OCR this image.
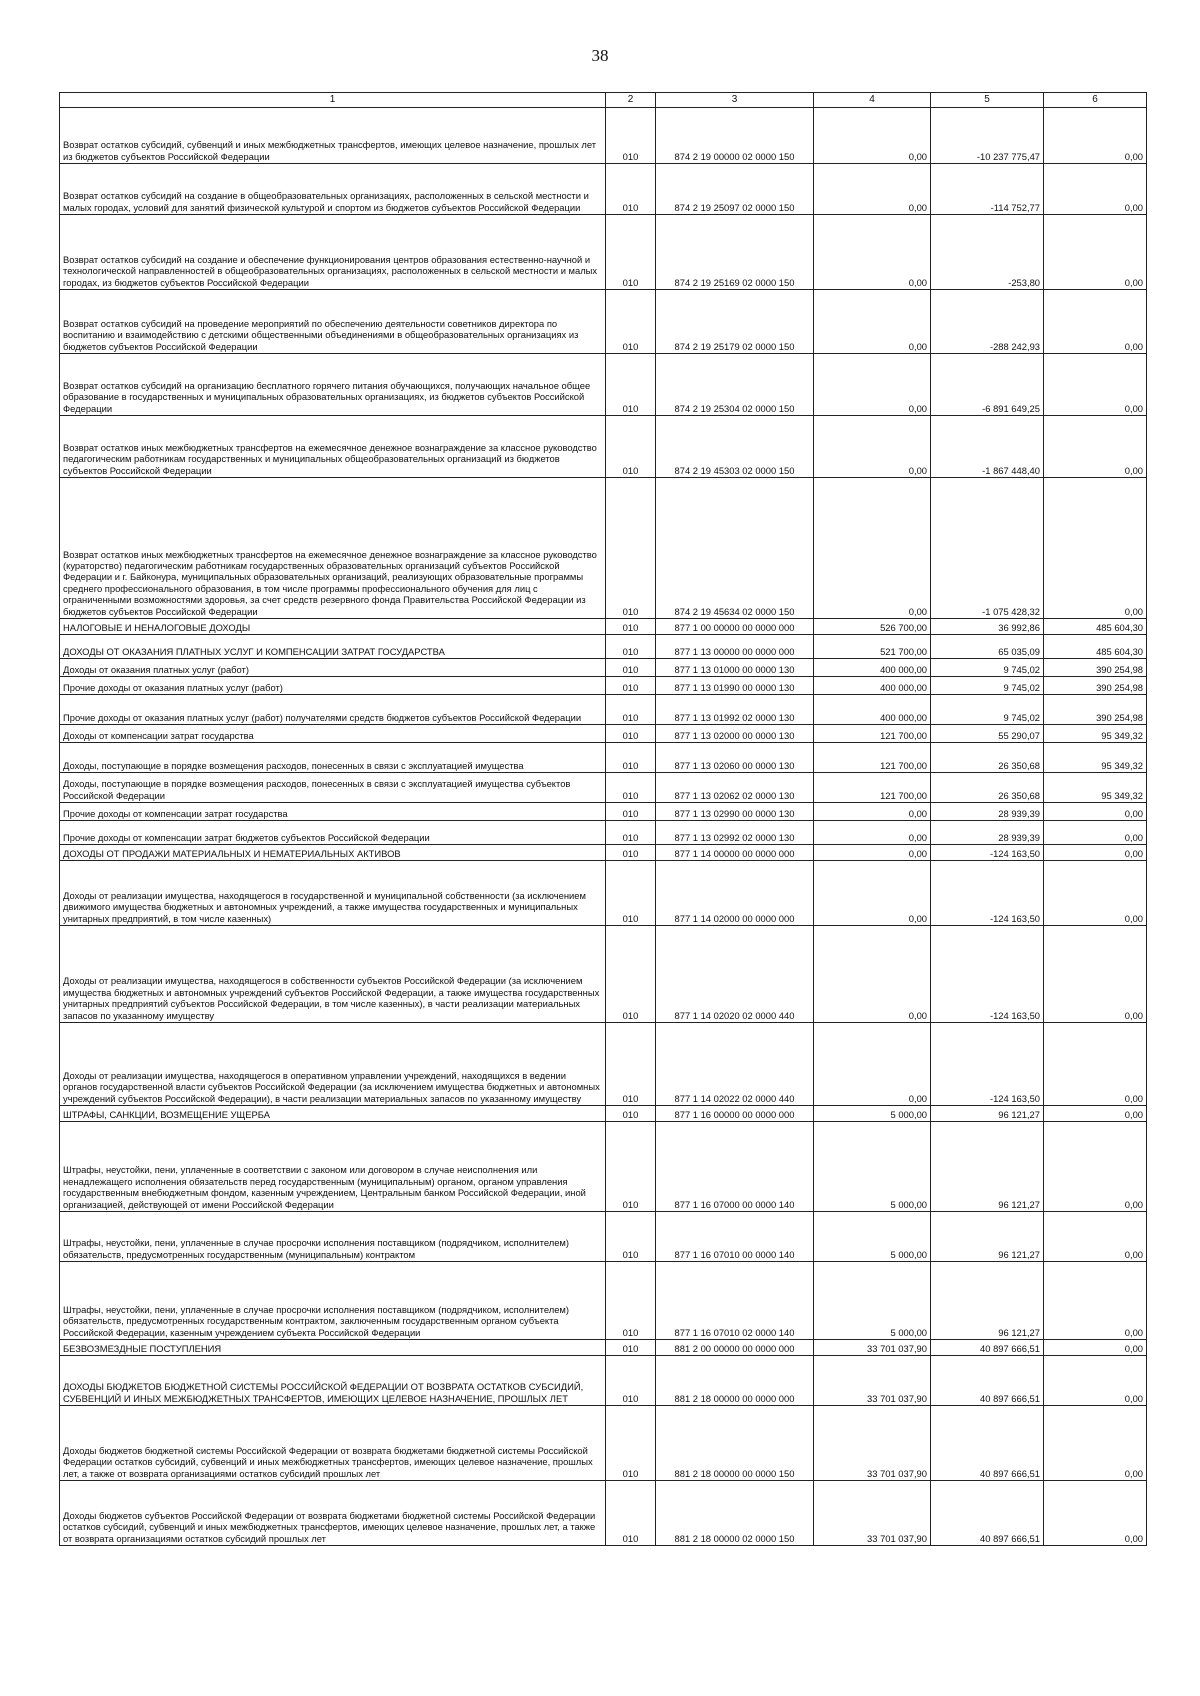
38
1	2	3	4	5	6
Возврат остатков субсидий, субвенций и иных межбюджетных трансфертов, имеющих целевое назначение, прошлых лет из бюджетов субъектов Российской Федерации	010	874 2 19 00000 02 0000 150	0,00	-10 237 775,47	0,00
Возврат остатков субсидий на создание в общеобразовательных организациях, расположенных в сельской местности и малых городах, условий для занятий физической культурой и спортом из бюджетов субъектов Российской Федерации	010	874 2 19 25097 02 0000 150	0,00	-114 752,77	0,00
Возврат остатков субсидий на создание и обеспечение функционирования центров образования естественно-научной и технологической направленностей в общеобразовательных организациях, расположенных в сельской местности и малых городах, из бюджетов субъектов Российской Федерации	010	874 2 19 25169 02 0000 150	0,00	-253,80	0,00
Возврат остатков субсидий на проведение мероприятий по обеспечению деятельности советников директора по воспитанию и взаимодействию с детскими общественными объединениями в общеобразовательных организациях из бюджетов субъектов Российской Федерации	010	874 2 19 25179 02 0000 150	0,00	-288 242,93	0,00
Возврат остатков субсидий на организацию бесплатного горячего питания обучающихся, получающих начальное общее образование в государственных и муниципальных образовательных организациях, из бюджетов субъектов Российской Федерации	010	874 2 19 25304 02 0000 150	0,00	-6 891 649,25	0,00
Возврат остатков иных межбюджетных трансфертов на ежемесячное денежное вознаграждение за классное руководство педагогическим работникам государственных и муниципальных общеобразовательных организаций из бюджетов субъектов Российской Федерации	010	874 2 19 45303 02 0000 150	0,00	-1 867 448,40	0,00
Возврат остатков иных межбюджетных трансфертов на ежемесячное денежное вознаграждение за классное руководство (кураторство) педагогическим работникам государственных образовательных организаций субъектов Российской Федерации и г. Байконура, муниципальных образовательных организаций, реализующих образовательные программы среднего профессионального образования, в том числе программы профессионального обучения для лиц с ограниченными возможностями здоровья, за счет средств резервного фонда Правительства Российской Федерации из бюджетов субъектов Российской Федерации	010	874 2 19 45634 02 0000 150	0,00	-1 075 428,32	0,00
НАЛОГОВЫЕ И НЕНАЛОГОВЫЕ ДОХОДЫ	010	877 1 00 00000 00 0000 000	526 700,00	36 992,86	485 604,30
ДОХОДЫ ОТ ОКАЗАНИЯ ПЛАТНЫХ УСЛУГ И КОМПЕНСАЦИИ ЗАТРАТ ГОСУДАРСТВА	010	877 1 13 00000 00 0000 000	521 700,00	65 035,09	485 604,30
Доходы от оказания платных услуг (работ)	010	877 1 13 01000 00 0000 130	400 000,00	9 745,02	390 254,98
Прочие доходы от оказания платных услуг (работ)	010	877 1 13 01990 00 0000 130	400 000,00	9 745,02	390 254,98
Прочие доходы от оказания платных услуг (работ) получателями средств бюджетов субъектов Российской Федерации	010	877 1 13 01992 02 0000 130	400 000,00	9 745,02	390 254,98
Доходы от компенсации затрат государства	010	877 1 13 02000 00 0000 130	121 700,00	55 290,07	95 349,32
Доходы, поступающие в порядке возмещения расходов, понесенных в связи с эксплуатацией имущества	010	877 1 13 02060 00 0000 130	121 700,00	26 350,68	95 349,32
Доходы, поступающие в порядке возмещения расходов, понесенных в связи с эксплуатацией имущества субъектов Российской Федерации	010	877 1 13 02062 02 0000 130	121 700,00	26 350,68	95 349,32
Прочие доходы от компенсации затрат государства	010	877 1 13 02990 00 0000 130	0,00	28 939,39	0,00
Прочие доходы от компенсации затрат бюджетов субъектов Российской Федерации	010	877 1 13 02992 02 0000 130	0,00	28 939,39	0,00
ДОХОДЫ ОТ ПРОДАЖИ МАТЕРИАЛЬНЫХ И НЕМАТЕРИАЛЬНЫХ АКТИВОВ	010	877 1 14 00000 00 0000 000	0,00	-124 163,50	0,00
Доходы от реализации имущества, находящегося в государственной и муниципальной собственности (за исключением движимого имущества бюджетных и автономных учреждений, а также имущества государственных и муниципальных унитарных предприятий, в том числе казенных)	010	877 1 14 02000 00 0000 000	0,00	-124 163,50	0,00
Доходы от реализации имущества, находящегося в собственности субъектов Российской Федерации (за исключением имущества бюджетных и автономных учреждений субъектов Российской Федерации, а также имущества государственных унитарных предприятий субъектов Российской Федерации, в том числе казенных), в части реализации материальных запасов по указанному имуществу	010	877 1 14 02020 02 0000 440	0,00	-124 163,50	0,00
Доходы от реализации имущества, находящегося в оперативном управлении учреждений, находящихся в ведении органов государственной власти субъектов Российской Федерации (за исключением имущества бюджетных и автономных учреждений субъектов Российской Федерации), в части реализации материальных запасов по указанному имуществу	010	877 1 14 02022 02 0000 440	0,00	-124 163,50	0,00
ШТРАФЫ, САНКЦИИ, ВОЗМЕЩЕНИЕ УЩЕРБА	010	877 1 16 00000 00 0000 000	5 000,00	96 121,27	0,00
Штрафы, неустойки, пени, уплаченные в соответствии с законом или договором в случае неисполнения или ненадлежащего исполнения обязательств перед государственным (муниципальным) органом, органом управления государственным внебюджетным фондом, казенным учреждением, Центральным банком Российской Федерации, иной организацией, действующей от имени Российской Федерации	010	877 1 16 07000 00 0000 140	5 000,00	96 121,27	0,00
Штрафы, неустойки, пени, уплаченные в случае просрочки исполнения поставщиком (подрядчиком, исполнителем) обязательств, предусмотренных государственным (муниципальным) контрактом	010	877 1 16 07010 00 0000 140	5 000,00	96 121,27	0,00
Штрафы, неустойки, пени, уплаченные в случае просрочки исполнения поставщиком (подрядчиком, исполнителем) обязательств, предусмотренных государственным контрактом, заключенным государственным органом субъекта Российской Федерации, казенным учреждением субъекта Российской Федерации	010	877 1 16 07010 02 0000 140	5 000,00	96 121,27	0,00
БЕЗВОЗМЕЗДНЫЕ ПОСТУПЛЕНИЯ	010	881 2 00 00000 00 0000 000	33 701 037,90	40 897 666,51	0,00
ДОХОДЫ БЮДЖЕТОВ БЮДЖЕТНОЙ СИСТЕМЫ РОССИЙСКОЙ ФЕДЕРАЦИИ ОТ ВОЗВРАТА ОСТАТКОВ СУБСИДИЙ, СУБВЕНЦИЙ И ИНЫХ МЕЖБЮДЖЕТНЫХ ТРАНСФЕРТОВ, ИМЕЮЩИХ ЦЕЛЕВОЕ НАЗНАЧЕНИЕ, ПРОШЛЫХ ЛЕТ	010	881 2 18 00000 00 0000 000	33 701 037,90	40 897 666,51	0,00
Доходы бюджетов бюджетной системы Российской Федерации от возврата бюджетами бюджетной системы Российской Федерации остатков субсидий, субвенций и иных межбюджетных трансфертов, имеющих целевое назначение, прошлых лет, а также от возврата организациями остатков субсидий прошлых лет	010	881 2 18 00000 00 0000 150	33 701 037,90	40 897 666,51	0,00
Доходы бюджетов субъектов Российской Федерации от возврата бюджетами бюджетной системы Российской Федерации остатков субсидий, субвенций и иных межбюджетных трансфертов, имеющих целевое назначение, прошлых лет, а также от возврата организациями остатков субсидий прошлых лет	010	881 2 18 00000 02 0000 150	33 701 037,90	40 897 666,51	0,00
